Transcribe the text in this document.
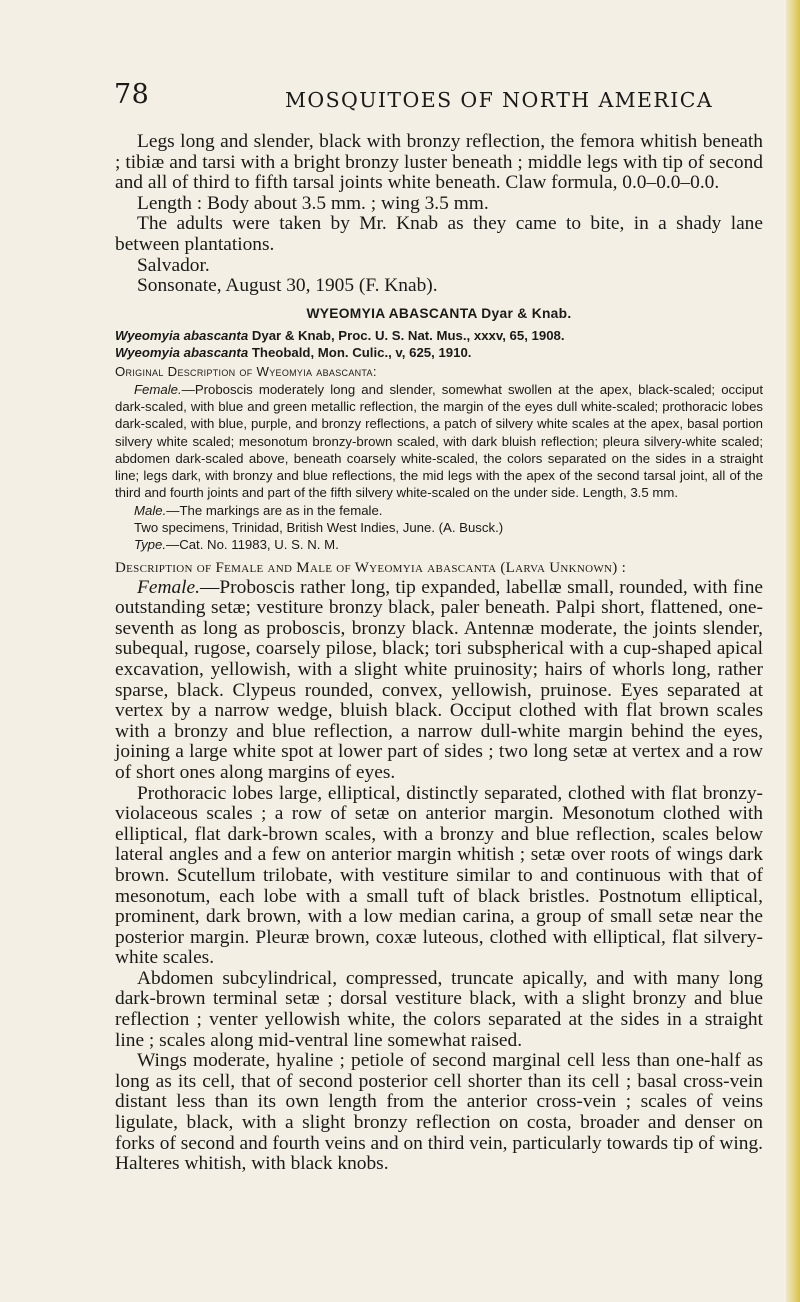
78	MOSQUITOES OF NORTH AMERICA

Legs long and slender, black with bronzy reflection, the femora whitish beneath ; tibiæ and tarsi with a bright bronzy luster beneath ; middle legs with tip of second and all of third to fifth tarsal joints white beneath. Claw formula, 0.0–0.0–0.0.

Length : Body about 3.5 mm. ; wing 3.5 mm.

The adults were taken by Mr. Knab as they came to bite, in a shady lane between plantations.

Salvador.

Sonsonate, August 30, 1905 (F. Knab).

WYEOMYIA ABASCANTA Dyar & Knab.

Wyeomyia abascanta Dyar & Knab, Proc. U. S. Nat. Mus., xxxv, 65, 1908.

Wyeomyia abascanta Theobald, Mon. Culic., v, 625, 1910.

Original Description of Wyeomyia abascanta:

Female.—Proboscis moderately long and slender, somewhat swollen at the apex, black-scaled; occiput dark-scaled, with blue and green metallic reflection, the margin of the eyes dull white-scaled; prothoracic lobes dark-scaled, with blue, purple, and bronzy reflections, a patch of silvery white scales at the apex, basal portion silvery white scaled; mesonotum bronzy-brown scaled, with dark bluish reflection; pleura silvery-white scaled; abdomen dark-scaled above, beneath coarsely white-scaled, the colors separated on the sides in a straight line; legs dark, with bronzy and blue reflections, the mid legs with the apex of the second tarsal joint, all of the third and fourth joints and part of the fifth silvery white-scaled on the under side. Length, 3.5 mm.

Male.—The markings are as in the female.

Two specimens, Trinidad, British West Indies, June. (A. Busck.)

Type.—Cat. No. 11983, U. S. N. M.

Description of Female and Male of Wyeomyia abascanta (Larva Unknown) :

Female.—Proboscis rather long, tip expanded, labellæ small, rounded, with fine outstanding setæ; vestiture bronzy black, paler beneath. Palpi short, flattened, one-seventh as long as proboscis, bronzy black. Antennæ moderate, the joints slender, subequal, rugose, coarsely pilose, black; tori subspherical with a cup-shaped apical excavation, yellowish, with a slight white pruinosity; hairs of whorls long, rather sparse, black. Clypeus rounded, convex, yellowish, pruinose. Eyes separated at vertex by a narrow wedge, bluish black. Occiput clothed with flat brown scales with a bronzy and blue reflection, a narrow dull-white margin behind the eyes, joining a large white spot at lower part of sides ; two long setæ at vertex and a row of short ones along margins of eyes.

Prothoracic lobes large, elliptical, distinctly separated, clothed with flat bronzy-violaceous scales ; a row of setæ on anterior margin. Mesonotum clothed with elliptical, flat dark-brown scales, with a bronzy and blue reflection, scales below lateral angles and a few on anterior margin whitish ; setæ over roots of wings dark brown. Scutellum trilobate, with vestiture similar to and continuous with that of mesonotum, each lobe with a small tuft of black bristles. Postnotum elliptical, prominent, dark brown, with a low median carina, a group of small setæ near the posterior margin. Pleuræ brown, coxæ luteous, clothed with elliptical, flat silvery-white scales.

Abdomen subcylindrical, compressed, truncate apically, and with many long dark-brown terminal setæ ; dorsal vestiture black, with a slight bronzy and blue reflection ; venter yellowish white, the colors separated at the sides in a straight line ; scales along mid-ventral line somewhat raised.

Wings moderate, hyaline ; petiole of second marginal cell less than one-half as long as its cell, that of second posterior cell shorter than its cell ; basal cross-vein distant less than its own length from the anterior cross-vein ; scales of veins ligulate, black, with a slight bronzy reflection on costa, broader and denser on forks of second and fourth veins and on third vein, particularly towards tip of wing. Halteres whitish, with black knobs.
